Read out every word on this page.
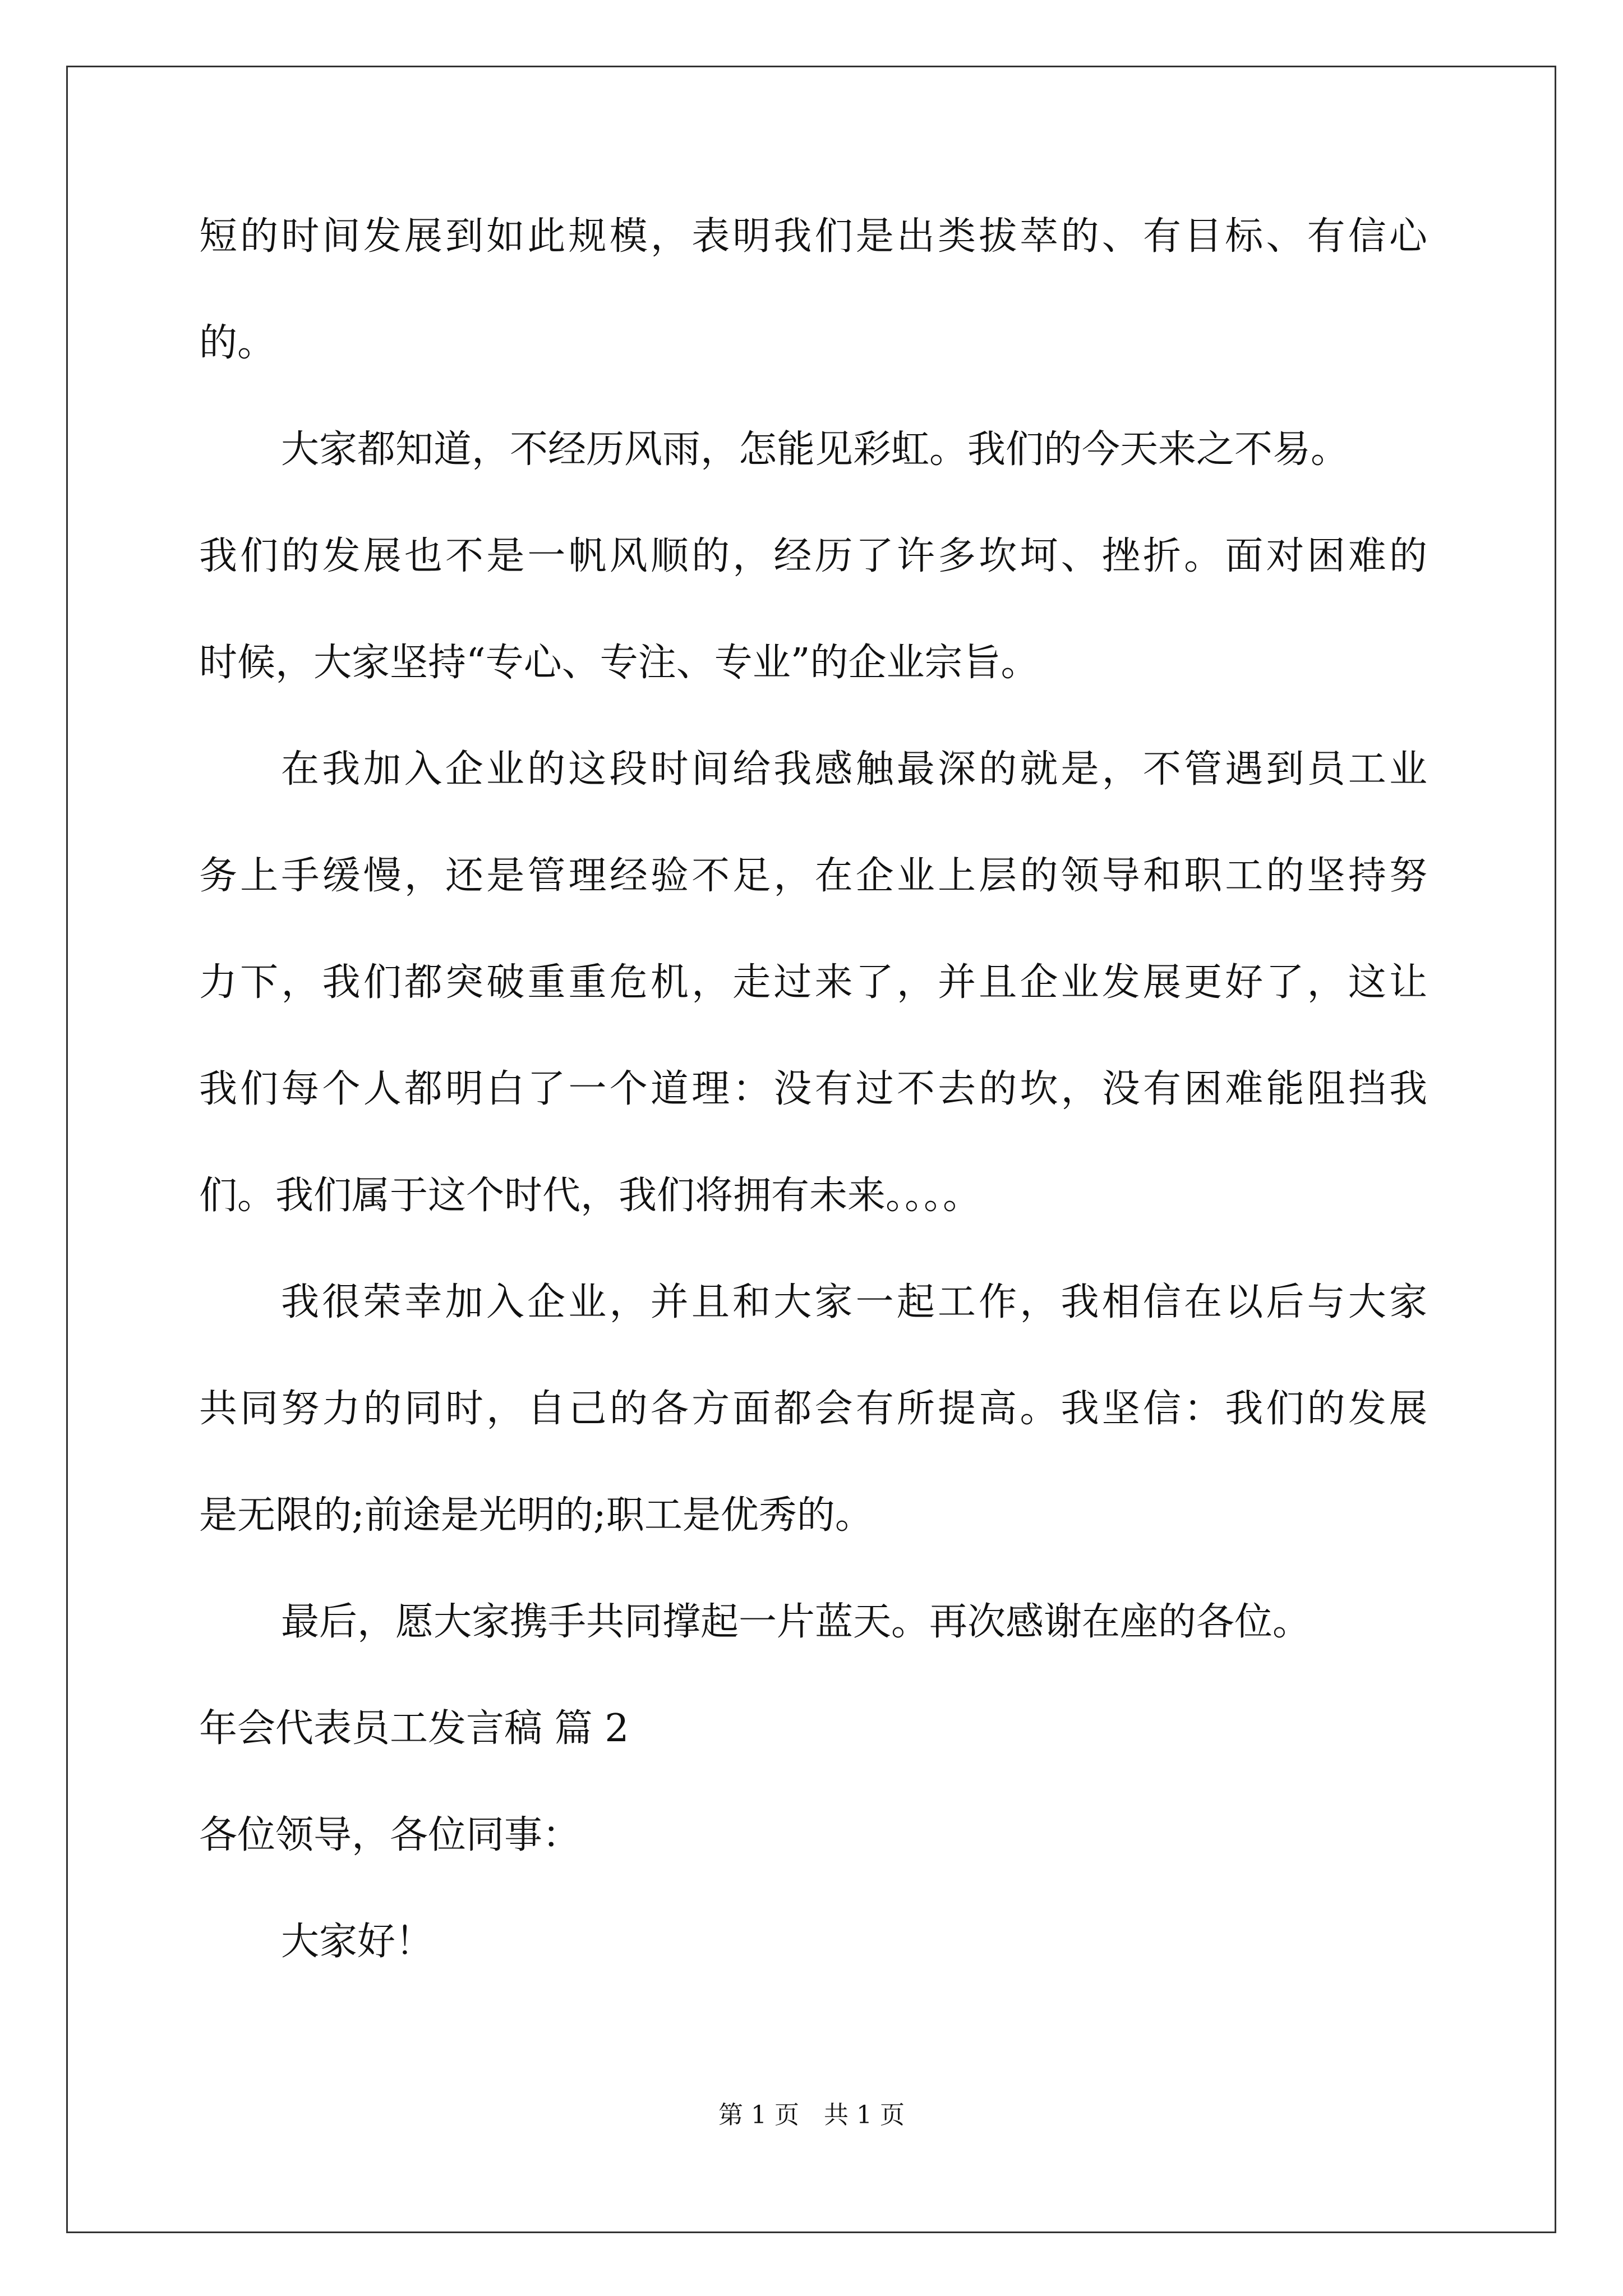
短的时间发展到如此规模，表明我们是出类拔萃的、有目标、有信心
的。
大家都知道，不经历风雨，怎能见彩虹。我们的今天来之不易。
我们的发展也不是一帆风顺的，经历了许多坎坷、挫折。面对困难的
时候，大家坚持“专心、专注、专业”的企业宗旨。
在我加入企业的这段时间给我感触最深的就是，不管遇到员工业
务上手缓慢，还是管理经验不足，在企业上层的领导和职工的坚持努
力下，我们都突破重重危机，走过来了，并且企业发展更好了，这让
我们每个人都明白了一个道理：没有过不去的坎，没有困难能阻挡我
们。我们属于这个时代，我们将拥有未来。。。。
我很荣幸加入企业，并且和大家一起工作，我相信在以后与大家
共同努力的同时，自己的各方面都会有所提高。我坚信：我们的发展
是无限的;前途是光明的;职工是优秀的。
最后，愿大家携手共同撑起一片蓝天。再次感谢在座的各位。
年会代表员工发言稿 篇 2
各位领导，各位同事：
大家好！
第 1 页　共 1 页
